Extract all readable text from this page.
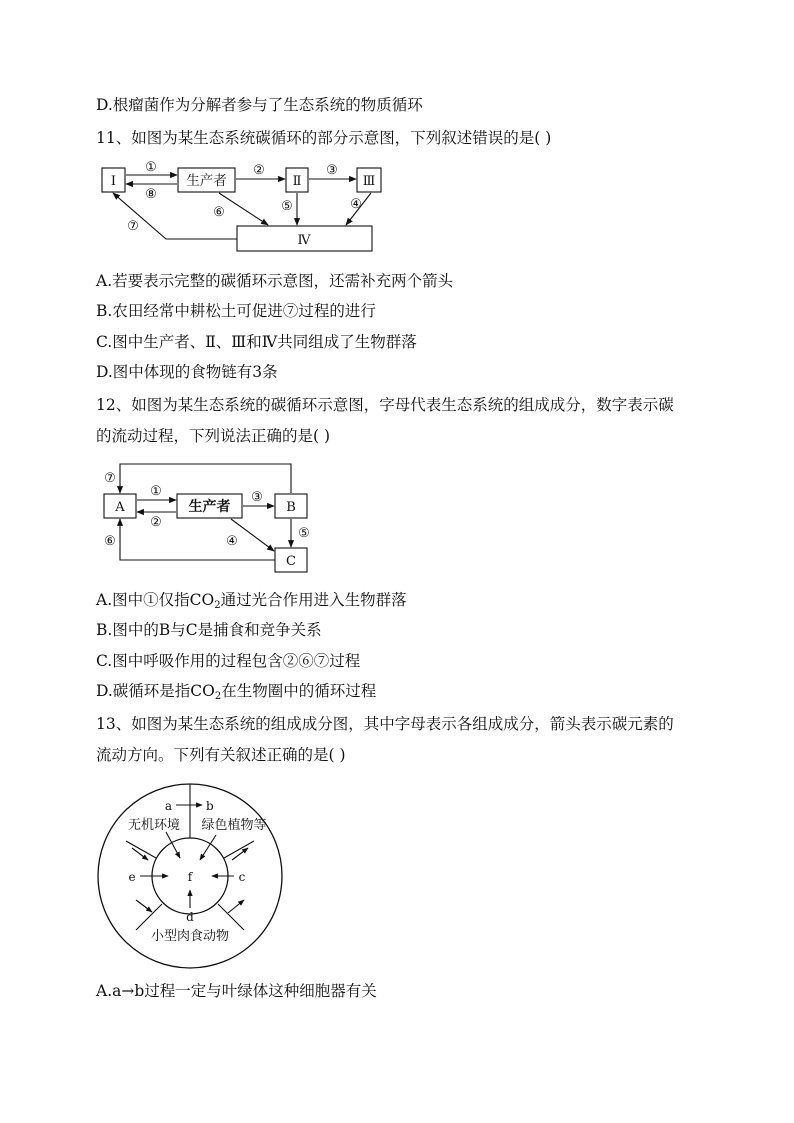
D.根瘤菌作为分解者参与了生态系统的物质循环
11、如图为某生态系统碳循环的部分示意图，下列叙述错误的是( )
Ⅰ	生产者	Ⅱ	Ⅲ
Ⅳ
①
⑧
②	③
⑤	④
⑥
⑦
A.若要表示完整的碳循环示意图，还需补充两个箭头
B.农田经常中耕松土可促进⑦过程的进行
C.图中生产者、Ⅱ、Ⅲ和Ⅳ共同组成了生物群落
D.图中体现的食物链有3条
12、如图为某生态系统的碳循环示意图，字母代表生态系统的组成成分，数字表示碳
的流动过程，下列说法正确的是( )
A	生产者	B
C
①
②
③
⑤
④
⑥
⑦
A.图中①仅指$CO_2$通过光合作用进入生物群落
B.图中的B与C是捕食和竞争关系
C.图中呼吸作用的过程包含②⑥⑦过程
D.碳循环是指$CO_2$在生物圈中的循环过程
13、如图为某生态系统的组成成分图，其中字母表示各组成成分，箭头表示碳元素的
流动方向。下列有关叙述正确的是( )
a	b
无机环境 绿色植物等
f
e	c
d
小型肉食动物
A.a→b过程一定与叶绿体这种细胞器有关
